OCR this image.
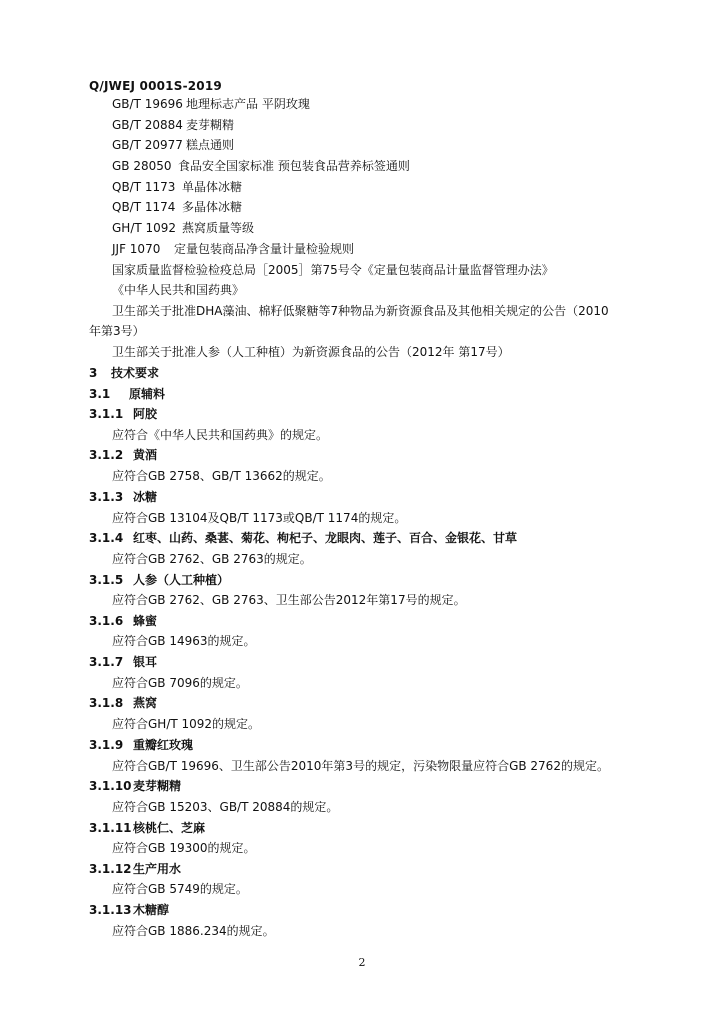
Q/JWEJ 0001S-2019
GB/T 19696 地理标志产品 平阴玫瑰
GB/T 20884 麦芽糊精
GB/T 20977 糕点通则
GB 28050 食品安全国家标准 预包装食品营养标签通则
QB/T 1173 单晶体冰糖
QB/T 1174 多晶体冰糖
GH/T 1092 燕窝质量等级
JJF 1070 定量包装商品净含量计量检验规则
国家质量监督检验检疫总局［2005］第75号令《定量包装商品计量监督管理办法》
《中华人民共和国药典》
卫生部关于批准DHA藻油、棉籽低聚糖等7种物品为新资源食品及其他相关规定的公告（2010
年第3号）
卫生部关于批准人参（人工种植）为新资源食品的公告（2012年 第17号）
3 技术要求
3.1 原辅料
3.1.1 阿胶
应符合《中华人民共和国药典》的规定。
3.1.2 黄酒
应符合GB 2758、GB/T 13662的规定。
3.1.3 冰糖
应符合GB 13104及QB/T 1173或QB/T 1174的规定。
3.1.4 红枣、山药、桑葚、菊花、枸杞子、龙眼肉、莲子、百合、金银花、甘草
应符合GB 2762、GB 2763的规定。
3.1.5 人参（人工种植）
应符合GB 2762、GB 2763、卫生部公告2012年第17号的规定。
3.1.6 蜂蜜
应符合GB 14963的规定。
3.1.7 银耳
应符合GB 7096的规定。
3.1.8 燕窝
应符合GH/T 1092的规定。
3.1.9 重瓣红玫瑰
应符合GB/T 19696、卫生部公告2010年第3号的规定，污染物限量应符合GB 2762的规定。
3.1.10麦芽糊精
应符合GB 15203、GB/T 20884的规定。
3.1.11核桃仁、芝麻
应符合GB 19300的规定。
3.1.12生产用水
应符合GB 5749的规定。
3.1.13木糖醇
应符合GB 1886.234的规定。
2
